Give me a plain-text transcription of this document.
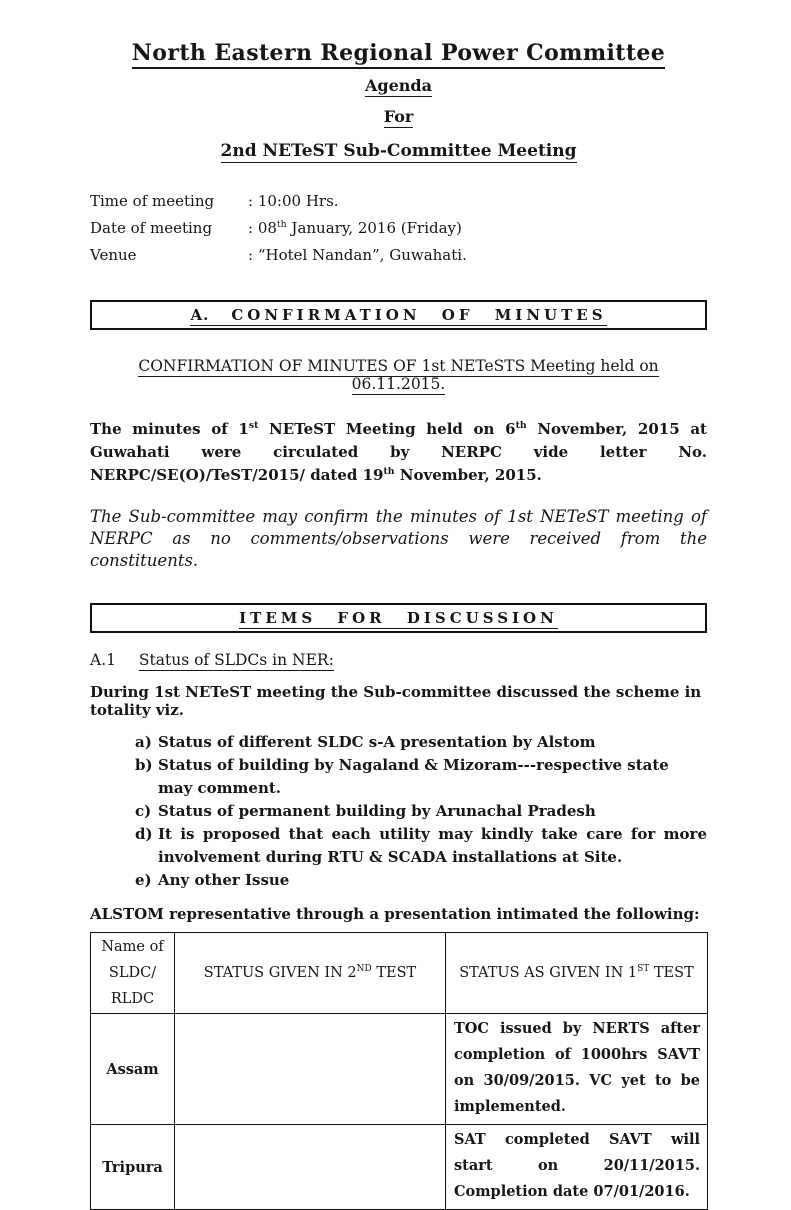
North Eastern Regional Power Committee
Agenda
For
2nd NETeST Sub-Committee Meeting
Time of meeting	: 10:00 Hrs.
Date of meeting	: 08th January, 2016 (Friday)
Venue	: “Hotel Nandan”, Guwahati.
A. CONFIRMATION OF MINUTES
CONFIRMATION OF MINUTES OF 1st NETeSTS Meeting held on 06.11.2015.
The minutes of 1st NETeST Meeting held on 6th November, 2015 at Guwahati were circulated by NERPC vide letter No. NERPC/SE(O)/TeST/2015/ dated 19th November, 2015.
The Sub-committee may confirm the minutes of 1st NETeST meeting of NERPC as no comments/observations were received from the constituents.
ITEMS FOR DISCUSSION
A.1 Status of SLDCs in NER:
During 1st NETeST meeting the Sub-committee discussed the scheme in totality viz.
a) Status of different SLDC s-A presentation by Alstom
b) Status of building by Nagaland & Mizoram---respective state may comment.
c) Status of permanent building by Arunachal Pradesh
d) It is proposed that each utility may kindly take care for more involvement during RTU & SCADA installations at Site.
e) Any other Issue
ALSTOM representative through a presentation intimated the following:
Name of
SLDC/
RLDC	STATUS GIVEN IN 2ND TEST	STATUS AS GIVEN IN 1ST TEST
Assam		TOC issued by NERTS after completion of 1000hrs SAVT on 30/09/2015. VC yet to be implemented.
Tripura		SAT completed SAVT will start on 20/11/2015. Completion date 07/01/2016.
